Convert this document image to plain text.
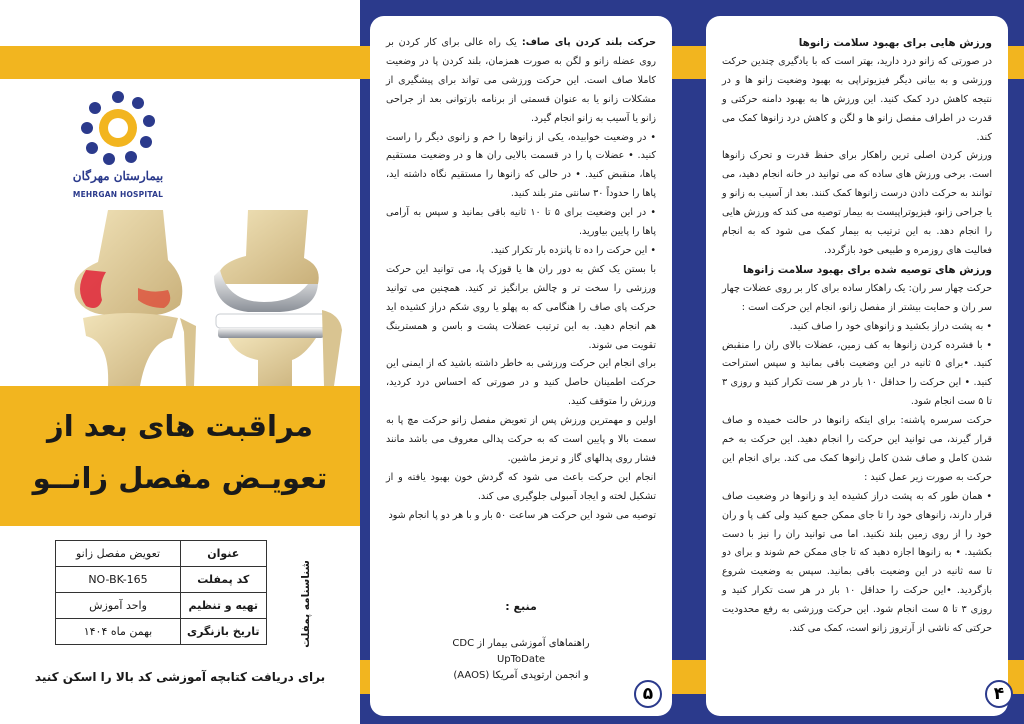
بیمارستان مهرگان
MEHRGAN HOSPITAL
مراقبت های بعد از
تعویـض مفصل زانــو
عنوان	تعویض مفصل زانو
کد پمفلت	NO-BK-165
تهیه و تنظیم	واحد آموزش
تاریخ بازنگری	بهمن ماه ۱۴۰۴	شناسنامه پمفلت
برای دریافت کتابچه آموزشی کد بالا را اسکن کنید

حرکت بلند کردن پای صاف: یک راه عالی برای کار کردن بر روی عضله زانو و لگن به صورت همزمان، بلند کردن پا در وضعیت کاملا صاف است. این حرکت ورزشی می تواند برای پیشگیری از مشکلات زانو یا به عنوان قسمتی از برنامه بازتوانی بعد از جراحی زانو یا آسیب به زانو انجام گیرد.

• در وضعیت خوابیده، یکی از زانوها را خم و زانوی دیگر را راست کنید. • عضلات پا را در قسمت بالایی ران ها و در وضعیت مستقیم پاها، منقبض کنید. • در حالی که زانوها را مستقیم نگاه داشته اید، پاها را حدوداً ۳۰ سانتی متر بلند کنید.

• در این وضعیت برای ۵ تا ۱۰ ثانیه باقی بمانید و سپس به آرامی پاها را پایین بیاورید.

• این حرکت را ده تا پانزده بار تکرار کنید.

با بستن یک کش به دور ران ها یا قوزک پا، می توانید این حرکت ورزشی را سخت تر و چالش برانگیز تر کنید. همچنین می توانید حرکت پای صاف را هنگامی که به پهلو یا روی شکم دراز کشیده اید هم انجام دهید. به این ترتیب عضلات پشت و باسن و همسترینگ تقویت می شوند.

برای انجام این حرکت ورزشی به خاطر داشته باشید که از ایمنی این حرکت اطمینان حاصل کنید و در صورتی که احساس درد کردید، ورزش را متوقف کنید.

اولین و مهمترین ورزش پس از تعویض مفصل زانو حرکت مچ پا به سمت بالا و پایین است که به حرکت پدالی معروف می باشد مانند فشار روی پدالهای گاز و ترمز ماشین.

انجام این حرکت باعث می شود که گردش خون بهبود یافته و از تشکیل لخته و ایجاد آمبولی جلوگیری می کند.

توصیه می شود این حرکت هر ساعت ۵۰ بار و با هر دو پا انجام شود

منبع :
راهنماهای آموزشی بیمار از CDC
UpToDate
و انجمن ارتوپدی آمریکا (AAOS)
۵
ورزش هایی برای بهبود سلامت زانوها

در صورتی که زانو درد دارید، بهتر است که با یادگیری چندین حرکت ورزشی و به بیانی دیگر فیزیوتراپی به بهبود وضعیت زانو ها و در نتیجه کاهش درد کمک کنید. این ورزش ها به بهبود دامنه حرکتی و قدرت در اطراف مفصل زانو ها و لگن و کاهش درد زانوها کمک می کند.

ورزش کردن اصلی ترین راهکار برای حفظ قدرت و تحرک زانوها است. برخی ورزش های ساده که می توانید در خانه انجام دهید، می توانند به حرکت دادن درست زانوها کمک کنند. بعد از آسیب به زانو و یا جراحی زانو، فیزیوتراپیست به بیمار توصیه می کند که ورزش هایی را انجام دهد. به این ترتیب به بیمار کمک می شود که به انجام فعالیت های روزمره و طبیعی خود بازگردد.

ورزش های توصیه شده برای بهبود سلامت زانوها

حرکت چهار سر ران: یک راهکار ساده برای کار بر روی عضلات چهار سر ران و حمایت بیشتر از مفصل زانو، انجام این حرکت است :

• به پشت دراز بکشید و زانوهای خود را صاف کنید.

• با فشرده کردن زانوها به کف زمین، عضلات بالای ران را منقبض کنید. •برای ۵ ثانیه در این وضعیت باقی بمانید و سپس استراحت کنید. • این حرکت را حداقل ۱۰ بار در هر ست تکرار کنید و روزی ۳ تا ۵ ست انجام شود.

حرکت سرسره پاشنه: برای اینکه زانوها در حالت خمیده و صاف قرار گیرند، می توانید این حرکت را انجام دهید. این حرکت به خم شدن کامل و صاف شدن کامل زانوها کمک می کند. برای انجام این حرکت به صورت زیر عمل کنید :

• همان طور که به پشت دراز کشیده اید و زانوها در وضعیت صاف قرار دارند، زانوهای خود را تا جای ممکن جمع کنید ولی کف پا و ران خود را از روی زمین بلند نکنید. اما می توانید ران را نیز با دست بکشید. • به زانوها اجازه دهید که تا جای ممکن خم شوند و برای دو تا سه ثانیه در این وضعیت باقی بمانید. سپس به وضعیت شروع بازگردید. •این حرکت را حداقل ۱۰ بار در هر ست تکرار کنید و روزی ۳ تا ۵ ست انجام شود. این حرکت ورزشی به رفع محدودیت حرکتی که ناشی از آرتروز زانو است، کمک می کند.

۴
